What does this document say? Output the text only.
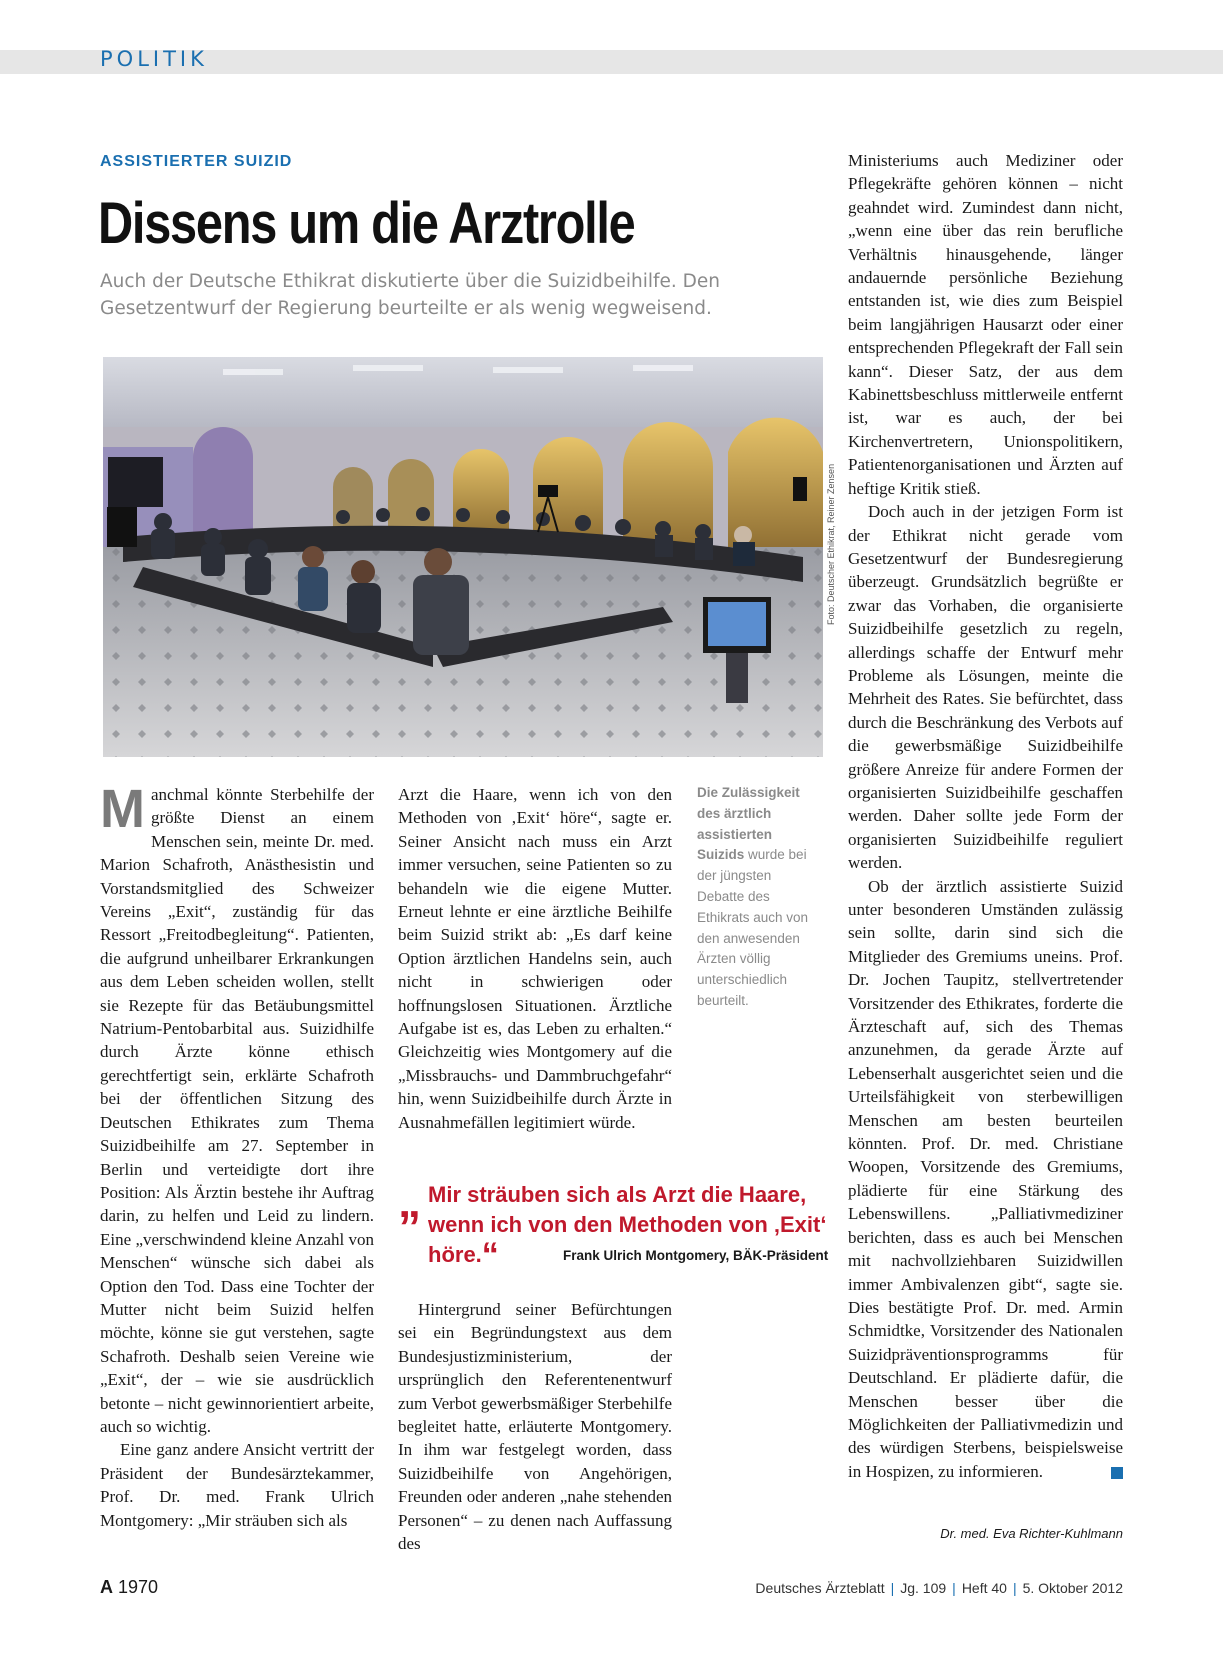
POLITIK
ASSISTIERTER SUIZID
Dissens um die Arztrolle
Auch der Deutsche Ethikrat diskutierte über die Suizidbeihilfe. Den Gesetzentwurf der Regierung beurteilte er als wenig wegweisend.
Foto: Deutscher Ethikrat, Reiner Zensen

Manchmal könnte Sterbehilfe der größte Dienst an einem Menschen sein, meinte Dr. med. Marion Schafroth, Anästhesistin und Vorstandsmitglied des Schweizer Vereins „Exit“, zuständig für das Ressort „Freitodbegleitung“. Patienten, die aufgrund unheilbarer Erkrankungen aus dem Leben scheiden wollen, stellt sie Rezepte für das Betäubungsmittel Natrium-Pentobarbital aus. Suizidhilfe durch Ärzte könne ethisch gerechtfertigt sein, erklärte Schafroth bei der öffentlichen Sitzung des Deutschen Ethikrates zum Thema Suizidbeihilfe am 27. September in Berlin und verteidigte dort ihre Position: Als Ärztin bestehe ihr Auftrag darin, zu helfen und Leid zu lindern. Eine „verschwindend kleine Anzahl von Menschen“ wünsche sich dabei als Option den Tod. Dass eine Tochter der Mutter nicht beim Suizid helfen möchte, könne sie gut verstehen, sagte Schafroth. Deshalb seien Vereine wie „Exit“, der – wie sie ausdrücklich betonte – nicht gewinnorientiert arbeite, auch so wichtig.

Eine ganz andere Ansicht vertritt der Präsident der Bundesärztekammer, Prof. Dr. med. Frank Ulrich Montgomery: „Mir sträuben sich als

Arzt die Haare, wenn ich von den Methoden von ‚Exit‘ höre“, sagte er. Seiner Ansicht nach muss ein Arzt immer versuchen, seine Patienten so zu behandeln wie die eigene Mutter. Erneut lehnte er eine ärztliche Beihilfe beim Suizid strikt ab: „Es darf keine Option ärztlichen Handelns sein, auch nicht in schwierigen oder hoffnungslosen Situationen. Ärztliche Aufgabe ist es, das Leben zu erhalten.“ Gleichzeitig wies Montgomery auf die „Missbrauchs- und Dammbruchgefahr“ hin, wenn Suizidbeihilfe durch Ärzte in Ausnahmefällen legitimiert würde.

Die Zulässigkeit des ärztlich assistierten Suizids wurde bei der jüngsten Debatte des Ethikrats auch von den anwesenden Ärzten völlig unterschiedlich beurteilt.
„ Mir sträuben sich als Arzt die Haare, wenn ich von den Methoden von ‚Exit‘ höre.“	Frank Ulrich Montgomery, BÄK-Präsident

Hintergrund seiner Befürchtungen sei ein Begründungstext aus dem Bundesjustizministerium, der ursprünglich den Referentenentwurf zum Verbot gewerbsmäßiger Sterbehilfe begleitet hatte, erläuterte Montgomery. In ihm war festgelegt worden, dass Suizidbeihilfe von Angehörigen, Freunden oder anderen „nahe stehenden Personen“ – zu denen nach Auffassung des

Ministeriums auch Mediziner oder Pflegekräfte gehören können – nicht geahndet wird. Zumindest dann nicht, „wenn eine über das rein berufliche Verhältnis hinausgehende, länger andauernde persönliche Beziehung entstanden ist, wie dies zum Beispiel beim langjährigen Hausarzt oder einer entsprechenden Pflegekraft der Fall sein kann“. Dieser Satz, der aus dem Kabinettsbeschluss mittlerweile entfernt ist, war es auch, der bei Kirchenvertretern, Unionspolitikern, Patientenorganisationen und Ärzten auf heftige Kritik stieß.

Doch auch in der jetzigen Form ist der Ethikrat nicht gerade vom Gesetzentwurf der Bundesregierung überzeugt. Grundsätzlich begrüßte er zwar das Vorhaben, die organisierte Suizidbeihilfe gesetzlich zu regeln, allerdings schaffe der Entwurf mehr Probleme als Lösungen, meinte die Mehrheit des Rates. Sie befürchtet, dass durch die Beschränkung des Verbots auf die gewerbsmäßige Suizidbeihilfe größere Anreize für andere Formen der organisierten Suizidbeihilfe geschaffen werden. Daher sollte jede Form der organisierten Suizidbeihilfe reguliert werden.

Ob der ärztlich assistierte Suizid unter besonderen Umständen zulässig sein sollte, darin sind sich die Mitglieder des Gremiums uneins. Prof. Dr. Jochen Taupitz, stellvertretender Vorsitzender des Ethikrates, forderte die Ärzteschaft auf, sich des Themas anzunehmen, da gerade Ärzte auf Lebenserhalt ausgerichtet seien und die Urteilsfähigkeit von sterbewilligen Menschen am besten beurteilen könnten. Prof. Dr. med. Christiane Woopen, Vorsitzende des Gremiums, plädierte für eine Stärkung des Lebenswillens. „Palliativmediziner berichten, dass es auch bei Menschen mit nachvollziehbaren Suizidwillen immer Ambivalenzen gibt“, sagte sie. Dies bestätigte Prof. Dr. med. Armin Schmidtke, Vorsitzender des Nationalen Suizidpräventionsprogramms für Deutschland. Er plädierte dafür, die Menschen besser über die Möglichkeiten der Palliativmedizin und des würdigen Sterbens, beispielsweise in Hospizen, zu informieren.

Dr. med. Eva Richter-Kuhlmann
A 1970	Deutsches Ärzteblatt | Jg. 109 | Heft 40 | 5. Oktober 2012
